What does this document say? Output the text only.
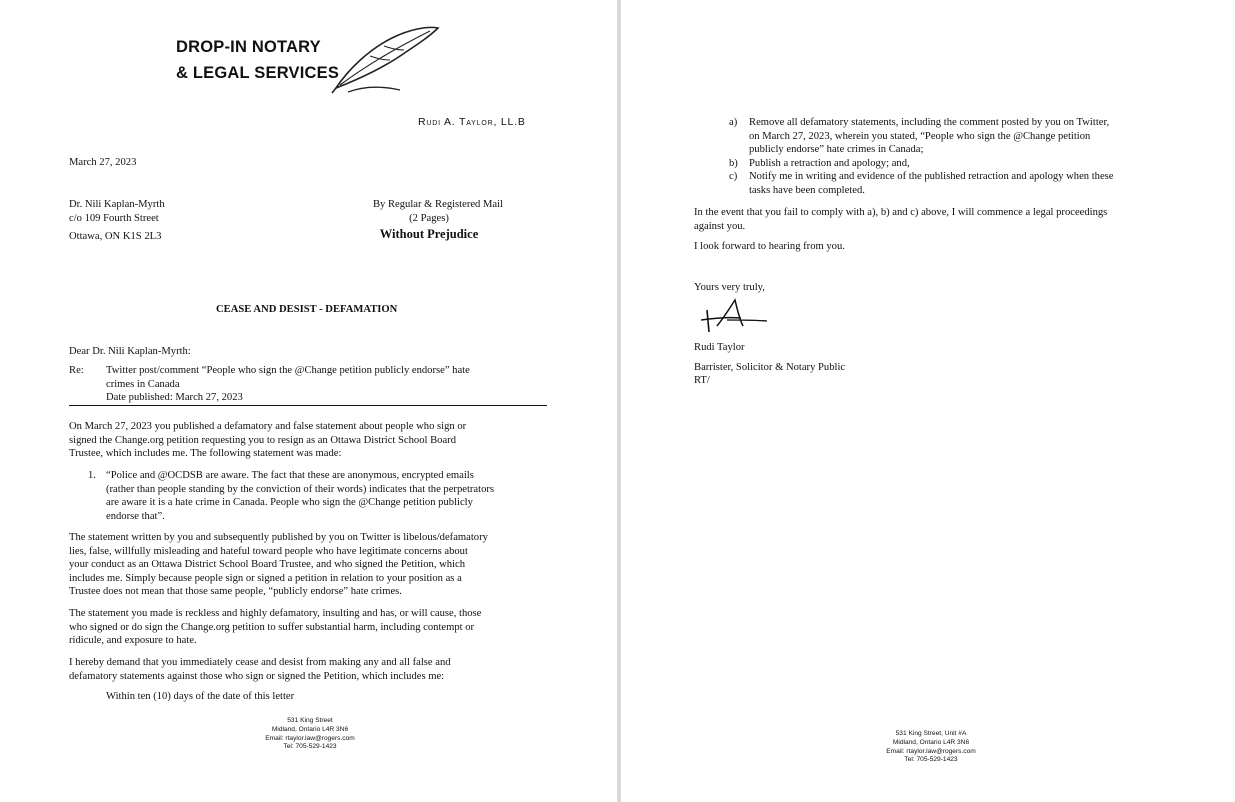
DROP-IN NOTARY
& LEGAL SERVICES
Rudi A. Taylor, LL.B
March 27, 2023
Dr. Nili Kaplan-Myrth
c/o 109 Fourth Street
Ottawa, ON K1S 2L3
By Regular & Registered Mail
(2 Pages)
Without Prejudice
CEASE AND DESIST - DEFAMATION
Dear Dr. Nili Kaplan-Myrth:
Re: Twitter post/comment “People who sign the @Change petition publicly endorse” hate
crimes in Canada
Date published: March 27, 2023
On March 27, 2023 you published a defamatory and false statement about people who sign or
signed the Change.org petition requesting you to resign as an Ottawa District School Board
Trustee, which includes me. The following statement was made:
1. “Police and @OCDSB are aware. The fact that these are anonymous, encrypted emails
(rather than people standing by the conviction of their words) indicates that the perpetrators
are aware it is a hate crime in Canada. People who sign the @Change petition publicly
endorse that”.
The statement written by you and subsequently published by you on Twitter is libelous/defamatory
lies, false, willfully misleading and hateful toward people who have legitimate concerns about
your conduct as an Ottawa District School Board Trustee, and who signed the Petition, which
includes me. Simply because people sign or signed a petition in relation to your position as a
Trustee does not mean that those same people, “publicly endorse” hate crimes.
The statement you made is reckless and highly defamatory, insulting and has, or will cause, those
who signed or do sign the Change.org petition to suffer substantial harm, including contempt or
ridicule, and exposure to hate.
I hereby demand that you immediately cease and desist from making any and all false and
defamatory statements against those who sign or signed the Petition, which includes me:
Within ten (10) days of the date of this letter
531 King Street
Midland, Ontario L4R 3N6
Email: rtaylor.law@rogers.com
Tel: 705-529-1423
a)	Remove all defamatory statements, including the comment posted by you on Twitter,
on March 27, 2023, wherein you stated, “People who sign the @Change petition
publicly endorse” hate crimes in Canada;
b)	Publish a retraction and apology; and,
c)	Notify me in writing and evidence of the published retraction and apology when these
tasks have been completed.
In the event that you fail to comply with a), b) and c) above, I will commence a legal proceedings
against you.
I look forward to hearing from you.
Yours very truly,
Rudi Taylor
Barrister, Solicitor & Notary Public
RT/
531 King Street, Unit #A
Midland, Ontario L4R 3N6
Email: rtaylor.law@rogers.com
Tel: 705-529-1423
